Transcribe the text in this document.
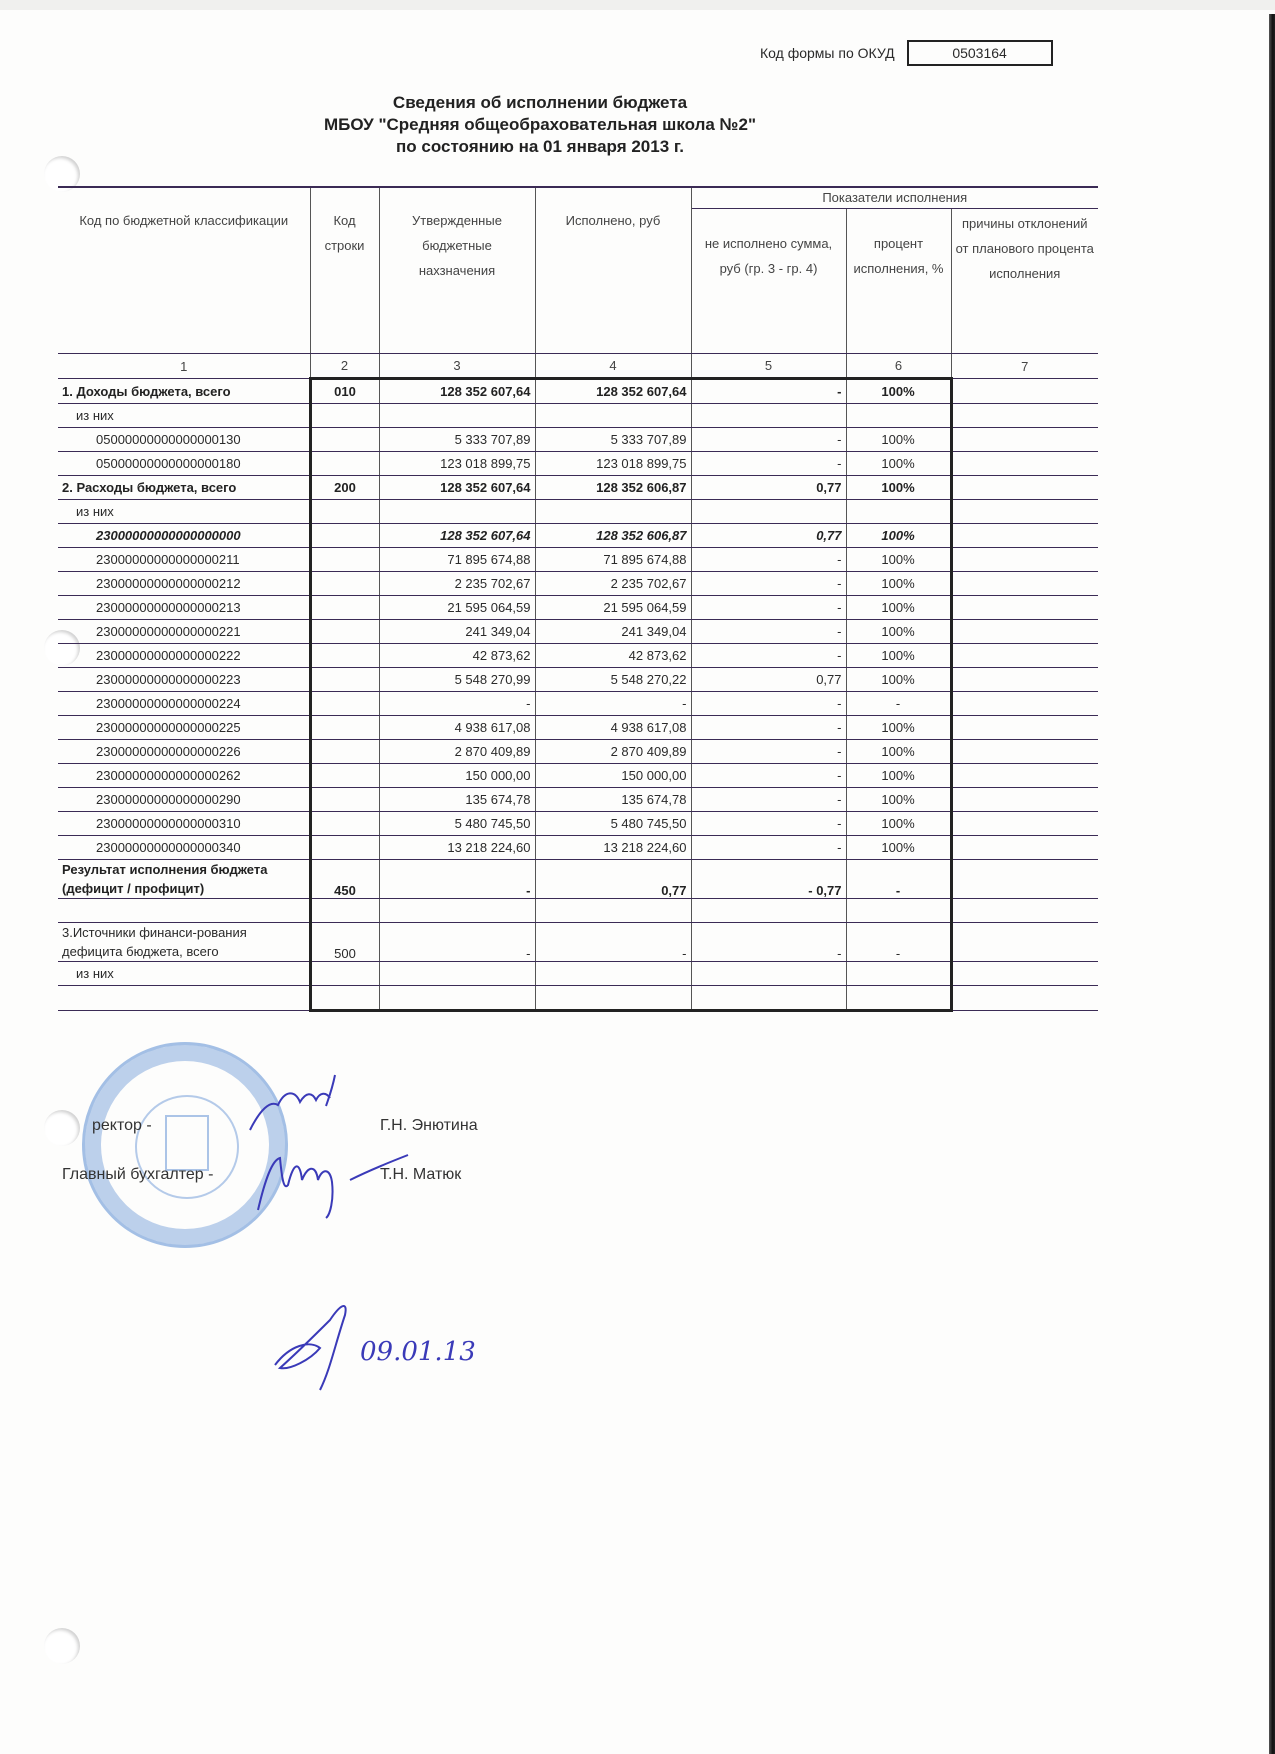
Код формы по ОКУД	0503164
Сведения об исполнении бюджета
МБОУ "Средняя общеобраховательная школа №2"
по состоянию на 01 января 2013 г.
Код по бюджетной классификации	Код строки	Утвержденные бюджетные нахзначения	Исполнено, руб	Показатели исполнения		
				не исполнено сумма, руб (гр. 3 - гр. 4)	процент исполнения, %	причины отклонений от планового процента исполнения
1	2	3	4	5	6	7
1. Доходы бюджета, всего	010	128 352 607,64	128 352 607,64	-	100%	
из них						
05000000000000000130		5 333 707,89	5 333 707,89	-	100%	
05000000000000000180		123 018 899,75	123 018 899,75	-	100%	
2. Расходы бюджета, всего	200	128 352 607,64	128 352 606,87	0,77	100%	
из них						
23000000000000000000		128 352 607,64	128 352 606,87	0,77	100%	
23000000000000000211		71 895 674,88	71 895 674,88	-	100%	
23000000000000000212		2 235 702,67	2 235 702,67	-	100%	
23000000000000000213		21 595 064,59	21 595 064,59	-	100%	
23000000000000000221		241 349,04	241 349,04	-	100%	
23000000000000000222		42 873,62	42 873,62	-	100%	
23000000000000000223		5 548 270,99	5 548 270,22	0,77	100%	
23000000000000000224		-	-	-	-	
23000000000000000225		4 938 617,08	4 938 617,08	-	100%	
23000000000000000226		2 870 409,89	2 870 409,89	-	100%	
23000000000000000262		150 000,00	150 000,00	-	100%	
23000000000000000290		135 674,78	135 674,78	-	100%	
23000000000000000310		5 480 745,50	5 480 745,50	-	100%	
23000000000000000340		13 218 224,60	13 218 224,60	-	100%	
Результат исполнения бюджета (дефицит / профицит)	450	-	0,77	- 0,77	-	

3.Источники финанси-рования дефицита бюджета, всего	500	-	-	-	-	
из них						

ректор -	Г.Н. Энютина
Главный бухгалтер -	Т.Н. Матюк
09.01.13
